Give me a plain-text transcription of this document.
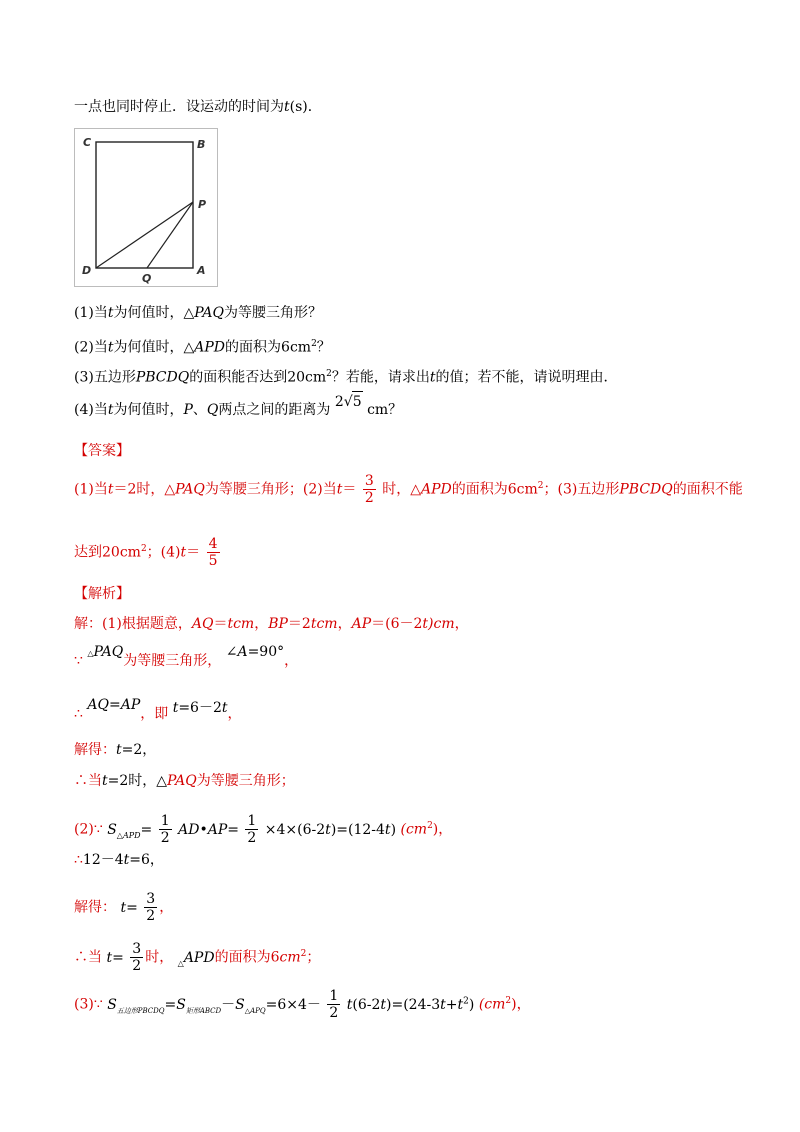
一点也同时停止．设运动的时间为t(s)．
C	B
P
D
Q
A
(1)当t为何值时，△PAQ为等腰三角形？
(2)当t为何值时，△APD的面积为$6cm^2$？
(3)五边形PBCDQ的面积能否达到$20cm^2$？若能，请求出t的值；若不能，请说明理由．
(4)当t为何值时，P、Q两点之间的距离为 2√5 cm？
【答案】
(1)当t＝2时，△PAQ为等腰三角形；(2)当$t= \frac{3}{2}$ 时，△APD的面积为$6cm^2$；(3)五边形PBCDQ的面积不能
达到$20cm^2$；$(4)t= \frac{4}{5}$
【解析】
解：(1)根据题意，AQ＝tcm，BP＝2tcm，AP＝(6－2t)cm，
∵ △PAQ为等腰三角形， ∠A=90°，
∴ AQ=AP，即 t=6－2t，
解得：t=2，
∴当t=2时，△PAQ为等腰三角形；
(2)∵ $S_{\triangle APD}= \frac{1}{2}$ AD•AP= $\frac{1}{2} \times 4\times(6-2t)=(12-4t)$ $(cm^2)$，
∴12－4t=6，
解得： $t= \frac{3}{2}$ ，
∴当 $t= \frac{3}{2}$ 时， $_\triangle$APD的面积为$6cm^2$；
(3)∵ $S_{五边形PBCDQ}=S_{矩形ABCD}-S_{\triangle APQ}=6\times 4- \frac{1}{2} t(6-2t)=(24-3t+t^2)$ $(cm^2)$，
